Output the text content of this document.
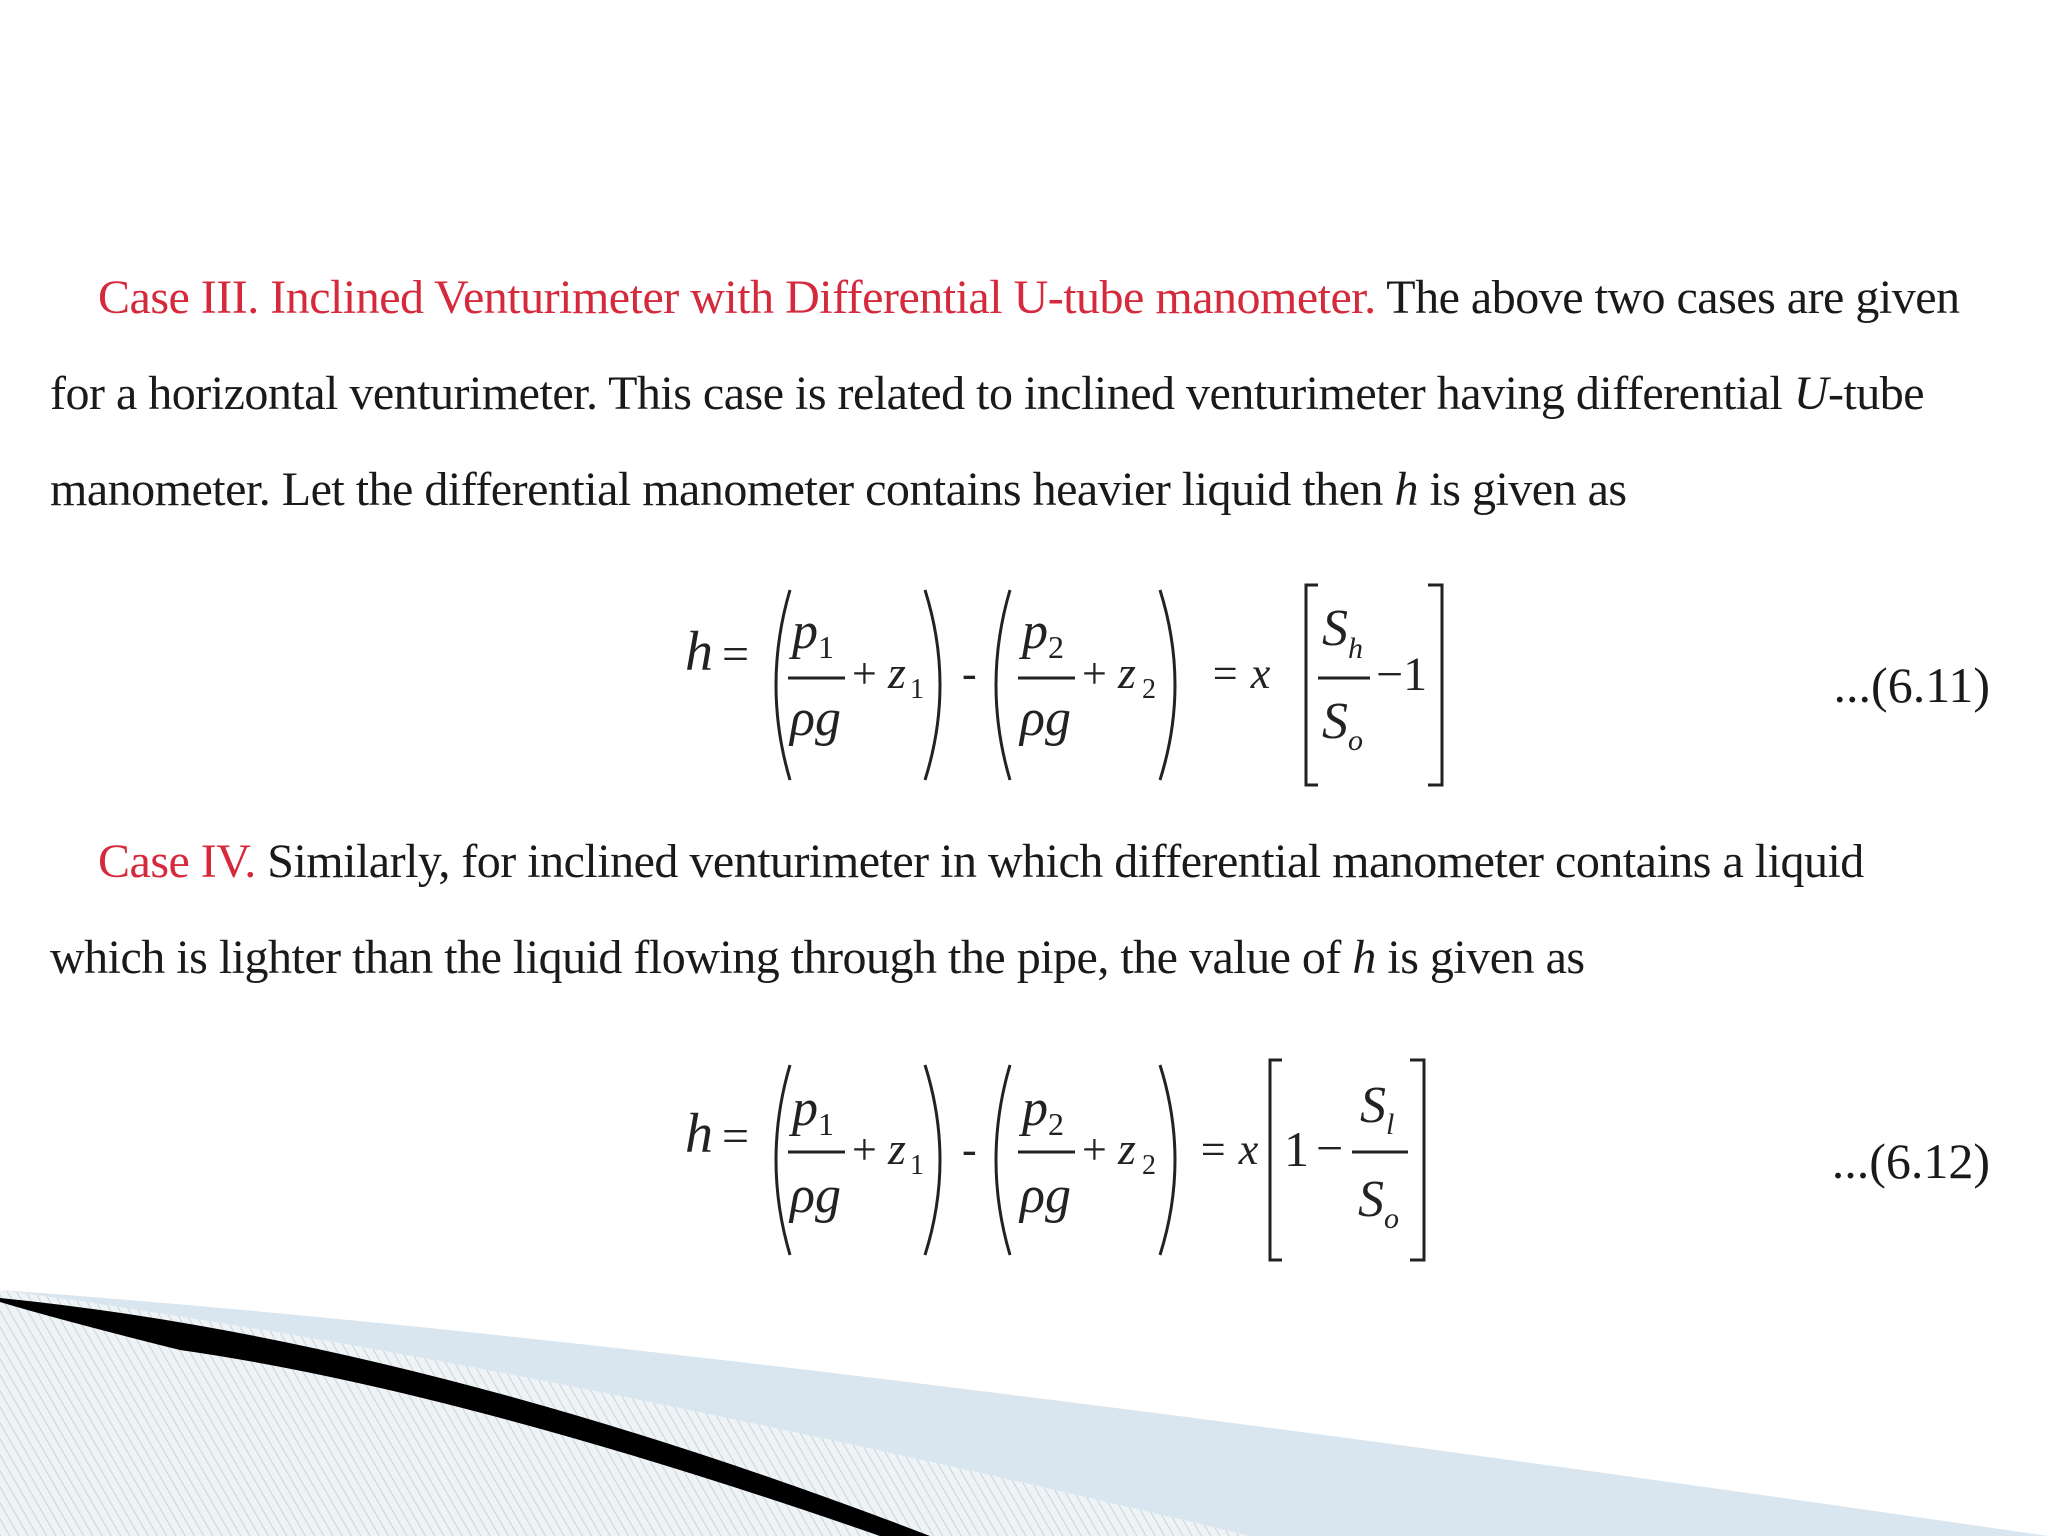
Case III. Inclined Venturimeter with Differential U-tube manometer. The above two cases are given for a horizontal venturimeter. This case is related to inclined venturimeter having differential U-tube manometer. Let the differential manometer contains heavier liquid then h is given as
h = p 1
ρg
+ z 1 -
p 2
ρg
+ z 2 = x
S h
S o
−1	...(6.11)
Case IV. Similarly, for inclined venturimeter in which differential manometer contains a liquid which is lighter than the liquid flowing through the pipe, the value of h is given as
h = p 1
ρg
+ z 1 -
p 2
ρg
+ z 2 = x 1 −
S l
S o
...(6.12)
